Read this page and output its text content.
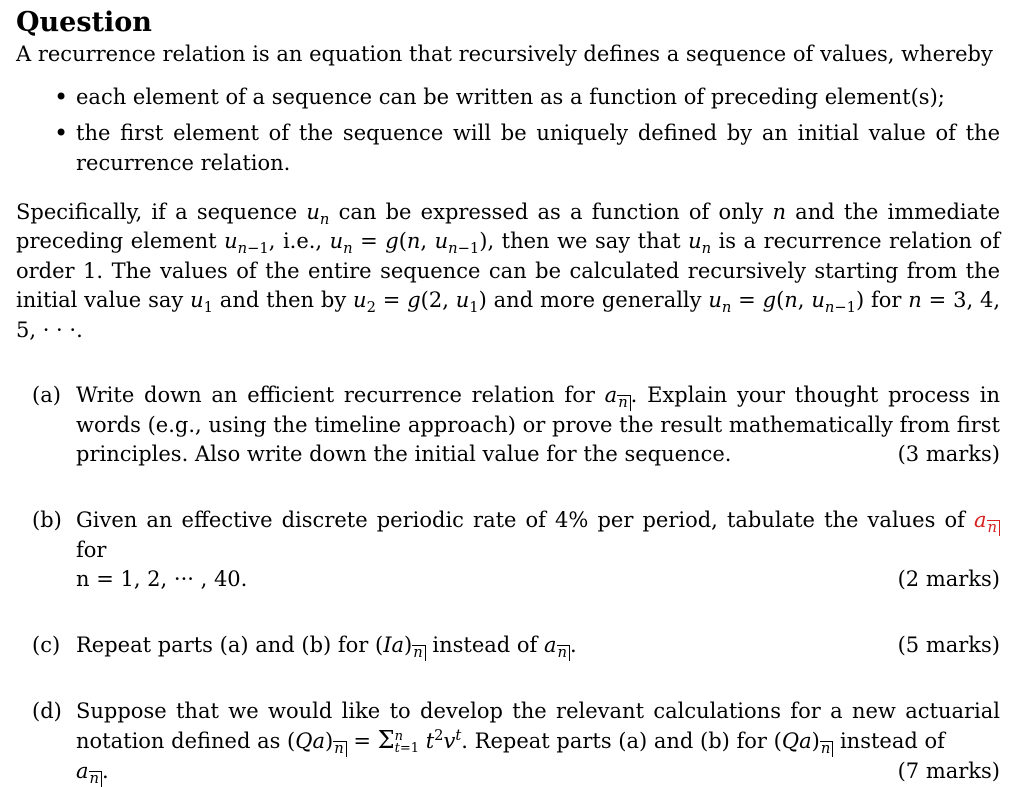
Question

A recurrence relation is an equation that recursively defines a sequence of values, whereby

• each element of a sequence can be written as a function of preceding element(s);
• the first element of the sequence will be uniquely defined by an initial value of the recurrence relation.

Specifically, if a sequence $u_n$ can be expressed as a function of only n and the immediate preceding element $u_{n-1}$, i.e., $u_n = g(n$, $u_{n-1}$), then we say that $u_n$ is a recurrence relation of order 1. The values of the entire sequence can be calculated recursively starting from the initial value say $u_1$ and then by $u_2 = g(2$, $u_1$) and more generally $u_n = g(n$, $u_{n-1}$) for n = 3, 4, 5, · · ·.

(a) Write down an efficient recurrence relation for an . Explain your thought process in words (e.g., using the timeline approach) or prove the result mathematically from first principles. Also write down the initial value for the sequence.	(3 marks)
(b) Given an effective discrete periodic rate of 4% per period, tabulate the values of an for
n = 1, 2, ··· , 40.	(2 marks)
(c) Repeat parts (a) and (b) for (Ia)n instead of an .	(5 marks)
(d) Suppose that we would like to develop the relevant calculations for a new actuarial notation defined as (Qa)n = Σn
t=1 $t^2v^t$. Repeat parts (a) and (b) for (Qa)n instead of
an .	(7 marks)
